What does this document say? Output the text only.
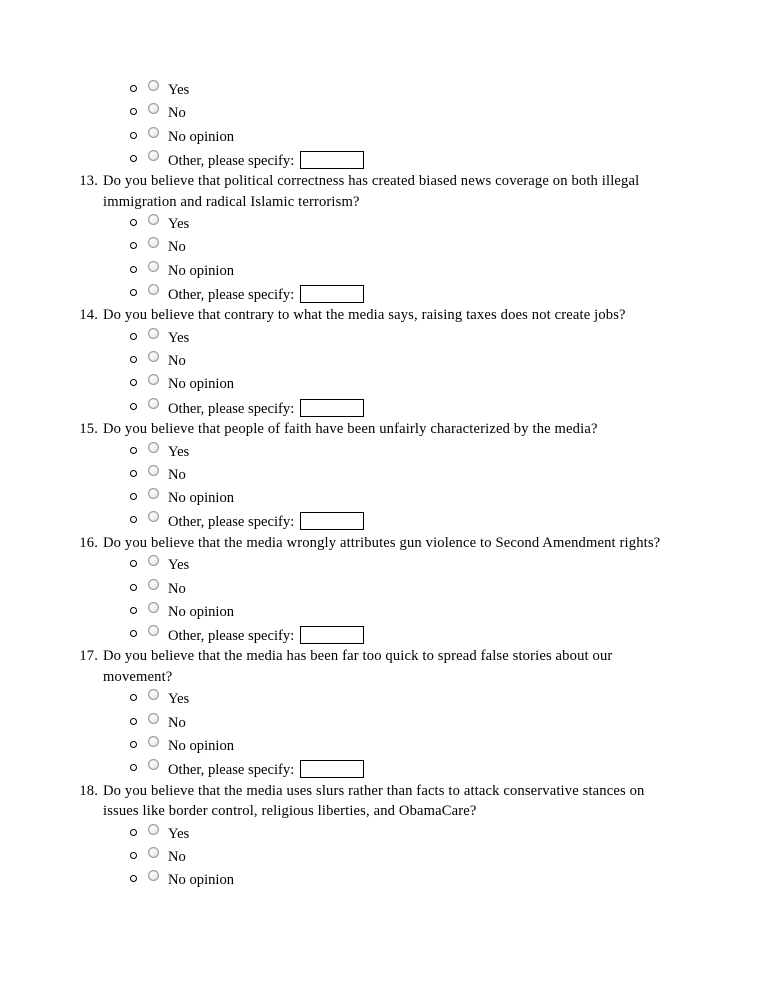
Yes
No
No opinion
Other, please specify:
13. Do you believe that political correctness has created biased news coverage on both illegal immigration and radical Islamic terrorism?
Yes
No
No opinion
Other, please specify:
14. Do you believe that contrary to what the media says, raising taxes does not create jobs?
Yes
No
No opinion
Other, please specify:
15. Do you believe that people of faith have been unfairly characterized by the media?
Yes
No
No opinion
Other, please specify:
16. Do you believe that the media wrongly attributes gun violence to Second Amendment rights?
Yes
No
No opinion
Other, please specify:
17. Do you believe that the media has been far too quick to spread false stories about our movement?
Yes
No
No opinion
Other, please specify:
18. Do you believe that the media uses slurs rather than facts to attack conservative stances on issues like border control, religious liberties, and ObamaCare?
Yes
No
No opinion
